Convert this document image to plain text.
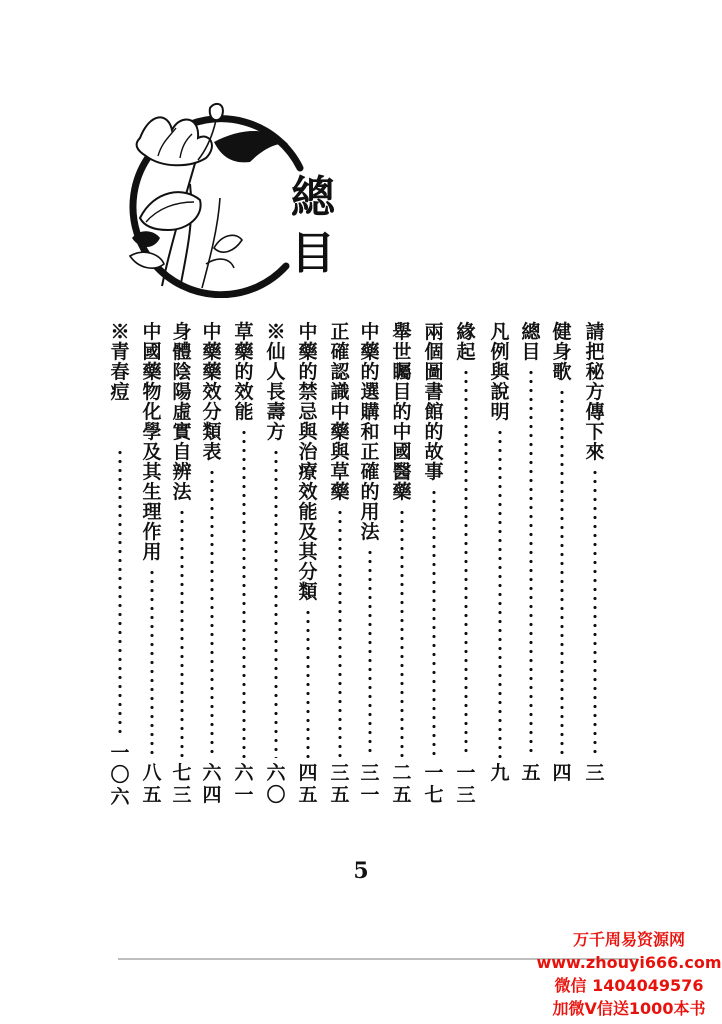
總
目
請把秘方傳下來
三
健身歌
四
總目
五
凡例與說明
九
緣起
一三
兩個圖書館的故事
一七
舉世矚目的中國醫藥
二五
中藥的選購和正確的用法
三一
正確認識中藥與草藥
三五
中藥的禁忌與治療效能及其分類
四五
※仙人長壽方
六〇
草藥的效能
六一
中藥藥效分類表
六四
身體陰陽虛實自辨法
七三
中國藥物化學及其生理作用
八五
※青春痘
一〇六
5
万千周易资源网
www.zhouyi666.com
微信 1404049576
加微V信送1000本书
